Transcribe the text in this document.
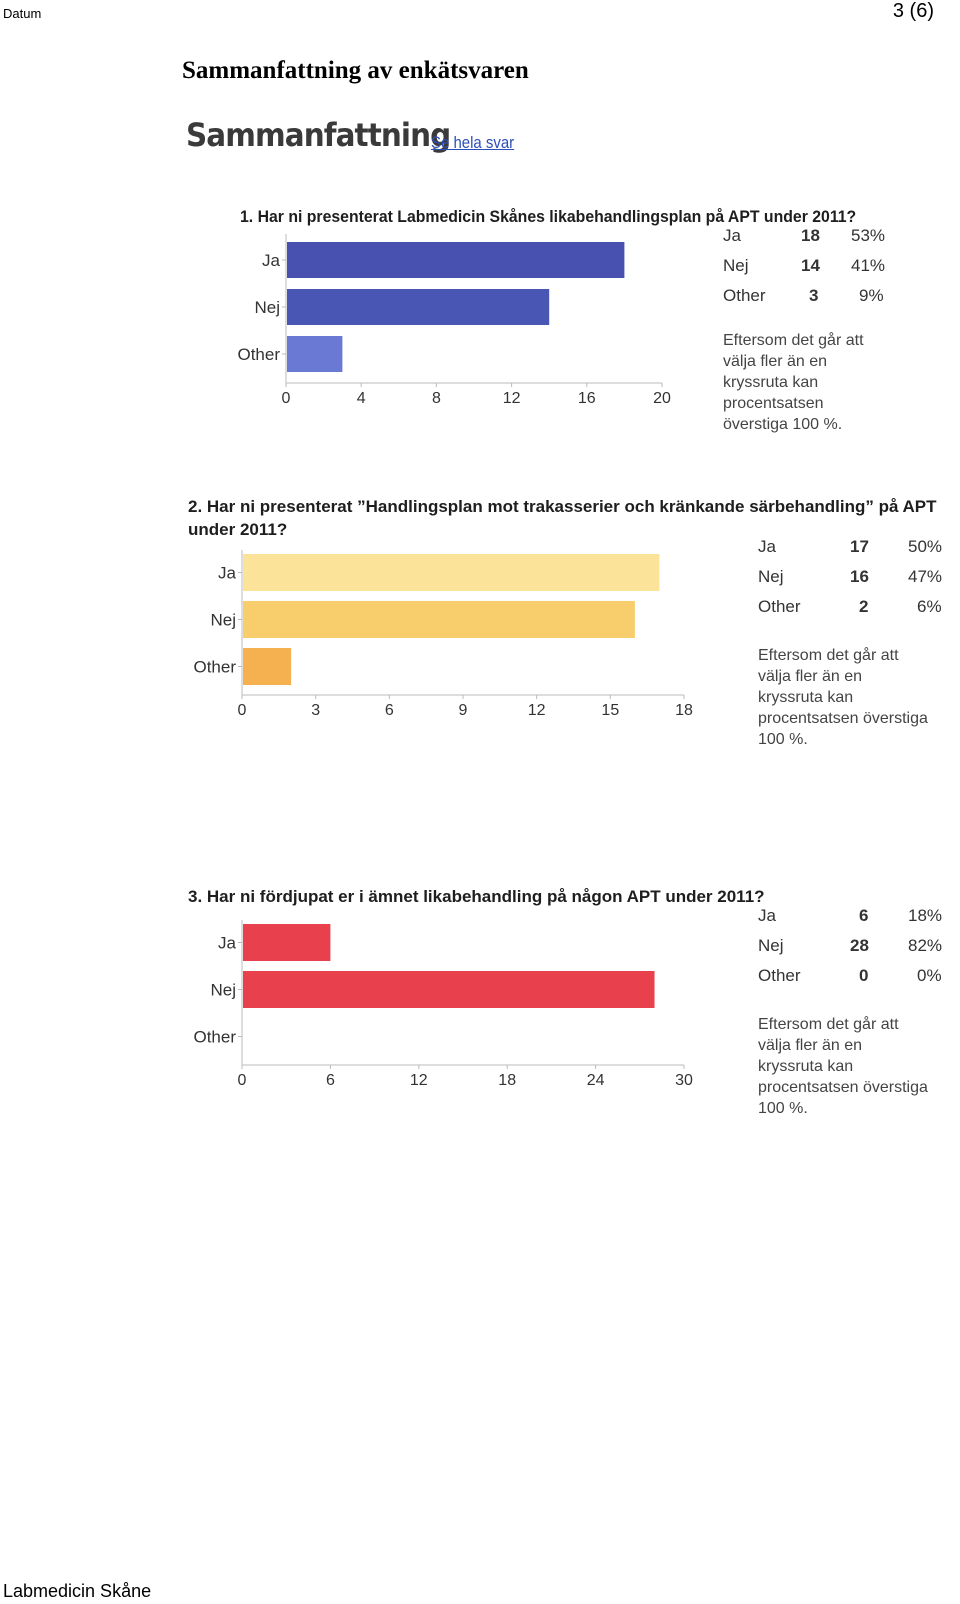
Datum	3 (6)
Sammanfattning av enkätsvaren
Sammanfattning
Se hela svar
1. Har ni presenterat Labmedicin Skånes likabehandlingsplan på APT under 2011?
Ja
Nej
Other
0	4	8	12	16	20
Ja	18 53%
Nej	14 41%
Other	3 9%
Eftersom det går att välja fler än en kryssruta kan procentsatsen överstiga 100 %.
2. Har ni presenterat ”Handlingsplan mot trakasserier och kränkande särbehandling” på APT under 2011?
Ja
Nej
Other
0	3	6	9	12	15	18
Ja	17 50%
Nej	16 47%
Other	2	6%
Eftersom det går att välja fler än en kryssruta kan procentsatsen överstiga 100 %.
3. Har ni fördjupat er i ämnet likabehandling på någon APT under 2011?
Ja
Nej
Other
0	6	12	18	24	30
Ja	6 18%
Nej	28 82%
Other	0	0%
Eftersom det går att välja fler än en kryssruta kan procentsatsen överstiga 100 %.
Labmedicin Skåne
